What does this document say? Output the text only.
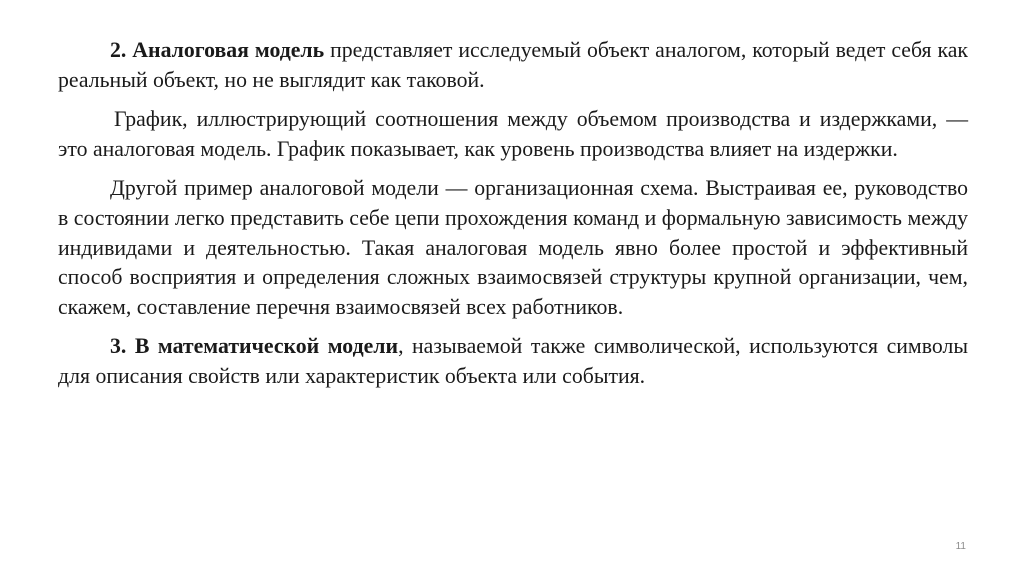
2. Аналоговая модель представляет исследуемый объект аналогом, который ведет себя как реальный объект, но не выглядит как таковой.

График, иллюстрирующий соотношения между объемом производства и издержками, — это аналоговая модель. График показывает, как уровень производства влияет на издержки.

Другой пример аналоговой модели — организационная схема. Выстраивая ее, руководство в состоянии легко представить себе цепи прохождения команд и формальную зависимость между индивидами и деятельностью. Такая аналоговая модель явно более простой и эффективный способ восприятия и определения сложных взаимосвязей структуры крупной организации, чем, скажем, составление перечня взаимосвязей всех работников.

3. В математической модели, называемой также символической, используются символы для описания свойств или характеристик объекта или события.

11
